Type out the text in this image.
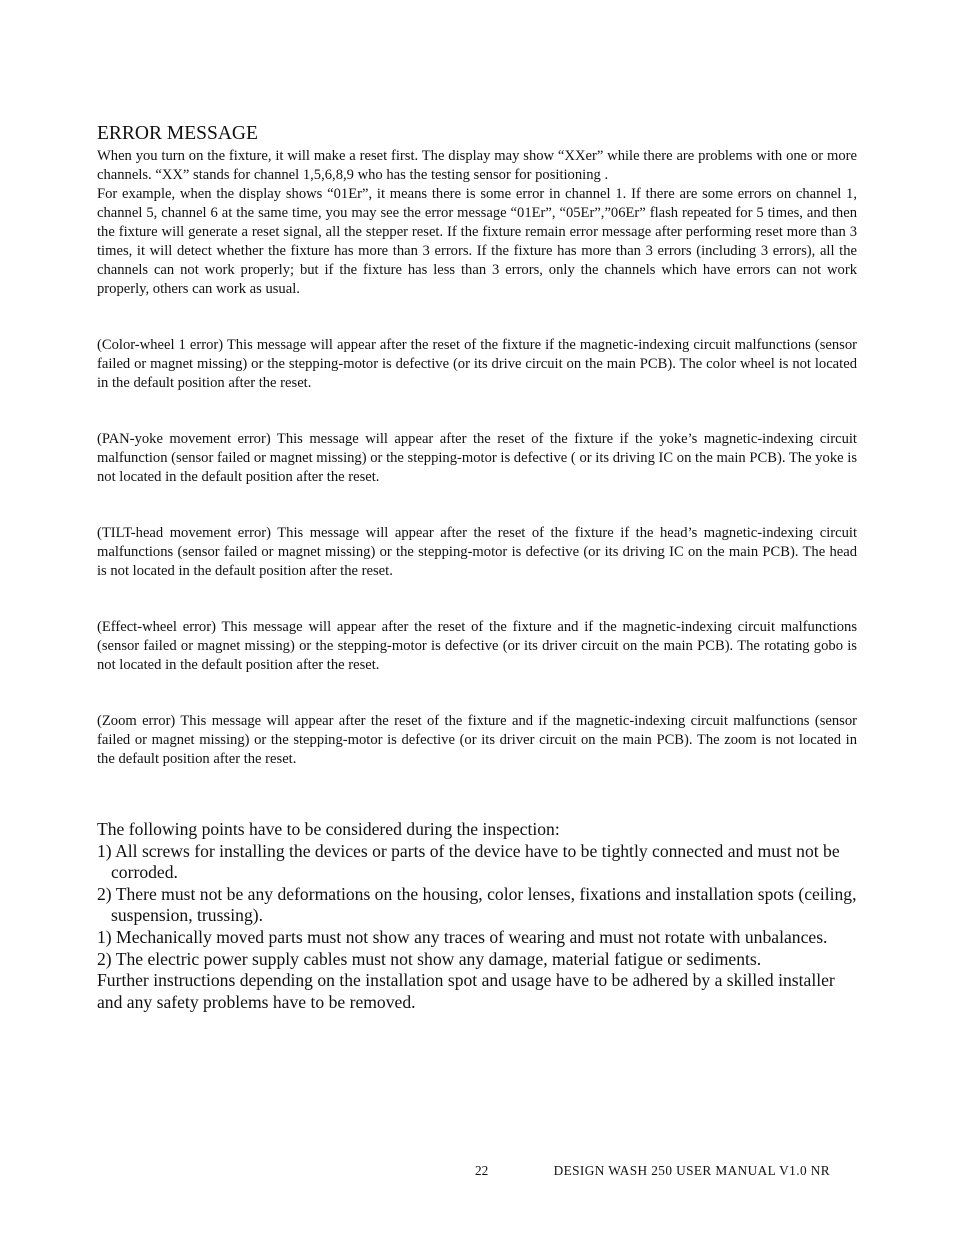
ERROR MESSAGE

When you turn on the fixture, it will make a reset first. The display may show “XXer” while there are problems with one or more channels. “XX” stands for channel 1,5,6,8,9 who has the testing sensor for positioning .

For example, when the display shows “01Er”, it means there is some error in channel 1. If there are some errors on channel 1, channel 5, channel 6 at the same time, you may see the error message “01Er”, “05Er”,”06Er” flash repeated for 5 times, and then the fixture will generate a reset signal, all the stepper reset. If the fixture remain error message after performing reset more than 3 times, it will detect whether the fixture has more than 3 errors. If the fixture has more than 3 errors (including 3 errors), all the channels can not work properly; but if the fixture has less than 3 errors, only the channels which have errors can not work properly, others can work as usual.

(Color-wheel 1 error) This message will appear after the reset of the fixture if the magnetic-indexing circuit malfunctions (sensor failed or magnet missing) or the stepping-motor is defective (or its drive circuit on the main PCB). The color wheel is not located in the default position after the reset.

(PAN-yoke movement error) This message will appear after the reset of the fixture if the yoke’s magnetic-indexing circuit malfunction (sensor failed or magnet missing) or the stepping-motor is defective ( or its driving IC on the main PCB). The yoke is not located in the default position after the reset.

(TILT-head movement error) This message will appear after the reset of the fixture if the head’s magnetic-indexing circuit malfunctions (sensor failed or magnet missing) or the stepping-motor is defective (or its driving IC on the main PCB). The head is not located in the default position after the reset.

(Effect-wheel error) This message will appear after the reset of the fixture and if the magnetic-indexing circuit malfunctions (sensor failed or magnet missing) or the stepping-motor is defective (or its driver circuit on the main PCB). The rotating gobo is not located in the default position after the reset.

(Zoom error) This message will appear after the reset of the fixture and if the magnetic-indexing circuit malfunctions (sensor failed or magnet missing) or the stepping-motor is defective (or its driver circuit on the main PCB). The zoom is not located in the default position after the reset.

The following points have to be considered during the inspection:

1) All screws for installing the devices or parts of the device have to be tightly connected and must not be corroded.

2) There must not be any deformations on the housing, color lenses, fixations and installation spots (ceiling, suspension, trussing).

1) Mechanically moved parts must not show any traces of wearing and must not rotate with unbalances.

2) The electric power supply cables must not show any damage, material fatigue or sediments.

Further instructions depending on the installation spot and usage have to be adhered by a skilled installer and any safety problems have to be removed.

22	DESIGN WASH 250 USER MANUAL V1.0 NR
